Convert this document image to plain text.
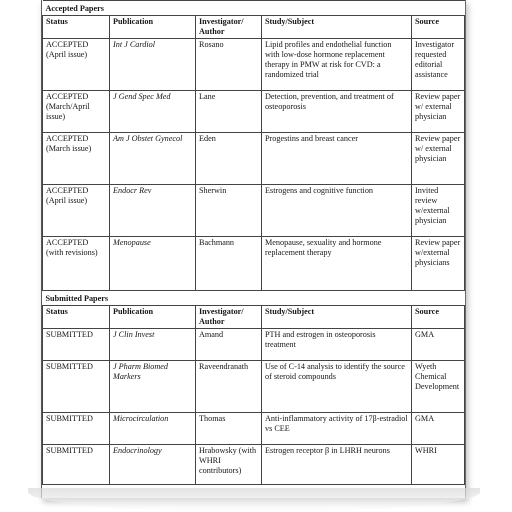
Accepted Papers				
Status	Publication	Investigator/ Author	Study/Subject	Source
ACCEPTED (April issue)	Int J Cardiol	Rosano	Lipid profiles and endothelial function with low-dose hormone replacement therapy in PMW at risk for CVD: a randomized trial	Investigator requested editorial assistance
ACCEPTED (March/April issue)	J Gend Spec Med	Lane	Detection, prevention, and treatment of osteoporosis	Review paper w/ external physician
ACCEPTED (March issue)	Am J Obstet Gynecol	Eden	Progestins and breast cancer	Review paper w/ external physician
ACCEPTED (April issue)	Endocr Rev	Sherwin	Estrogens and cognitive function	Invited review w/external physician
ACCEPTED (with revisions)	Menopause	Bachmann	Menopause, sexuality and hormone replacement therapy	Review paper w/external physicians
Submitted Papers				
Status	Publication	Investigator/ Author	Study/Subject	Source
SUBMITTED	J Clin Invest	Amand	PTH and estrogen in osteoporosis treatment	GMA
SUBMITTED	J Pharm Biomed Markers	Raveendranath	Use of C-14 analysis to identify the source of steroid compounds	Wyeth Chemical Development
SUBMITTED	Microcirculation	Thomas	Anti-inflammatory activity of 17β-estradiol vs CEE	GMA
SUBMITTED	Endocrinology	Hrabowsky (with WHRI contributors)	Estrogen receptor β in LHRH neurons	WHRI
